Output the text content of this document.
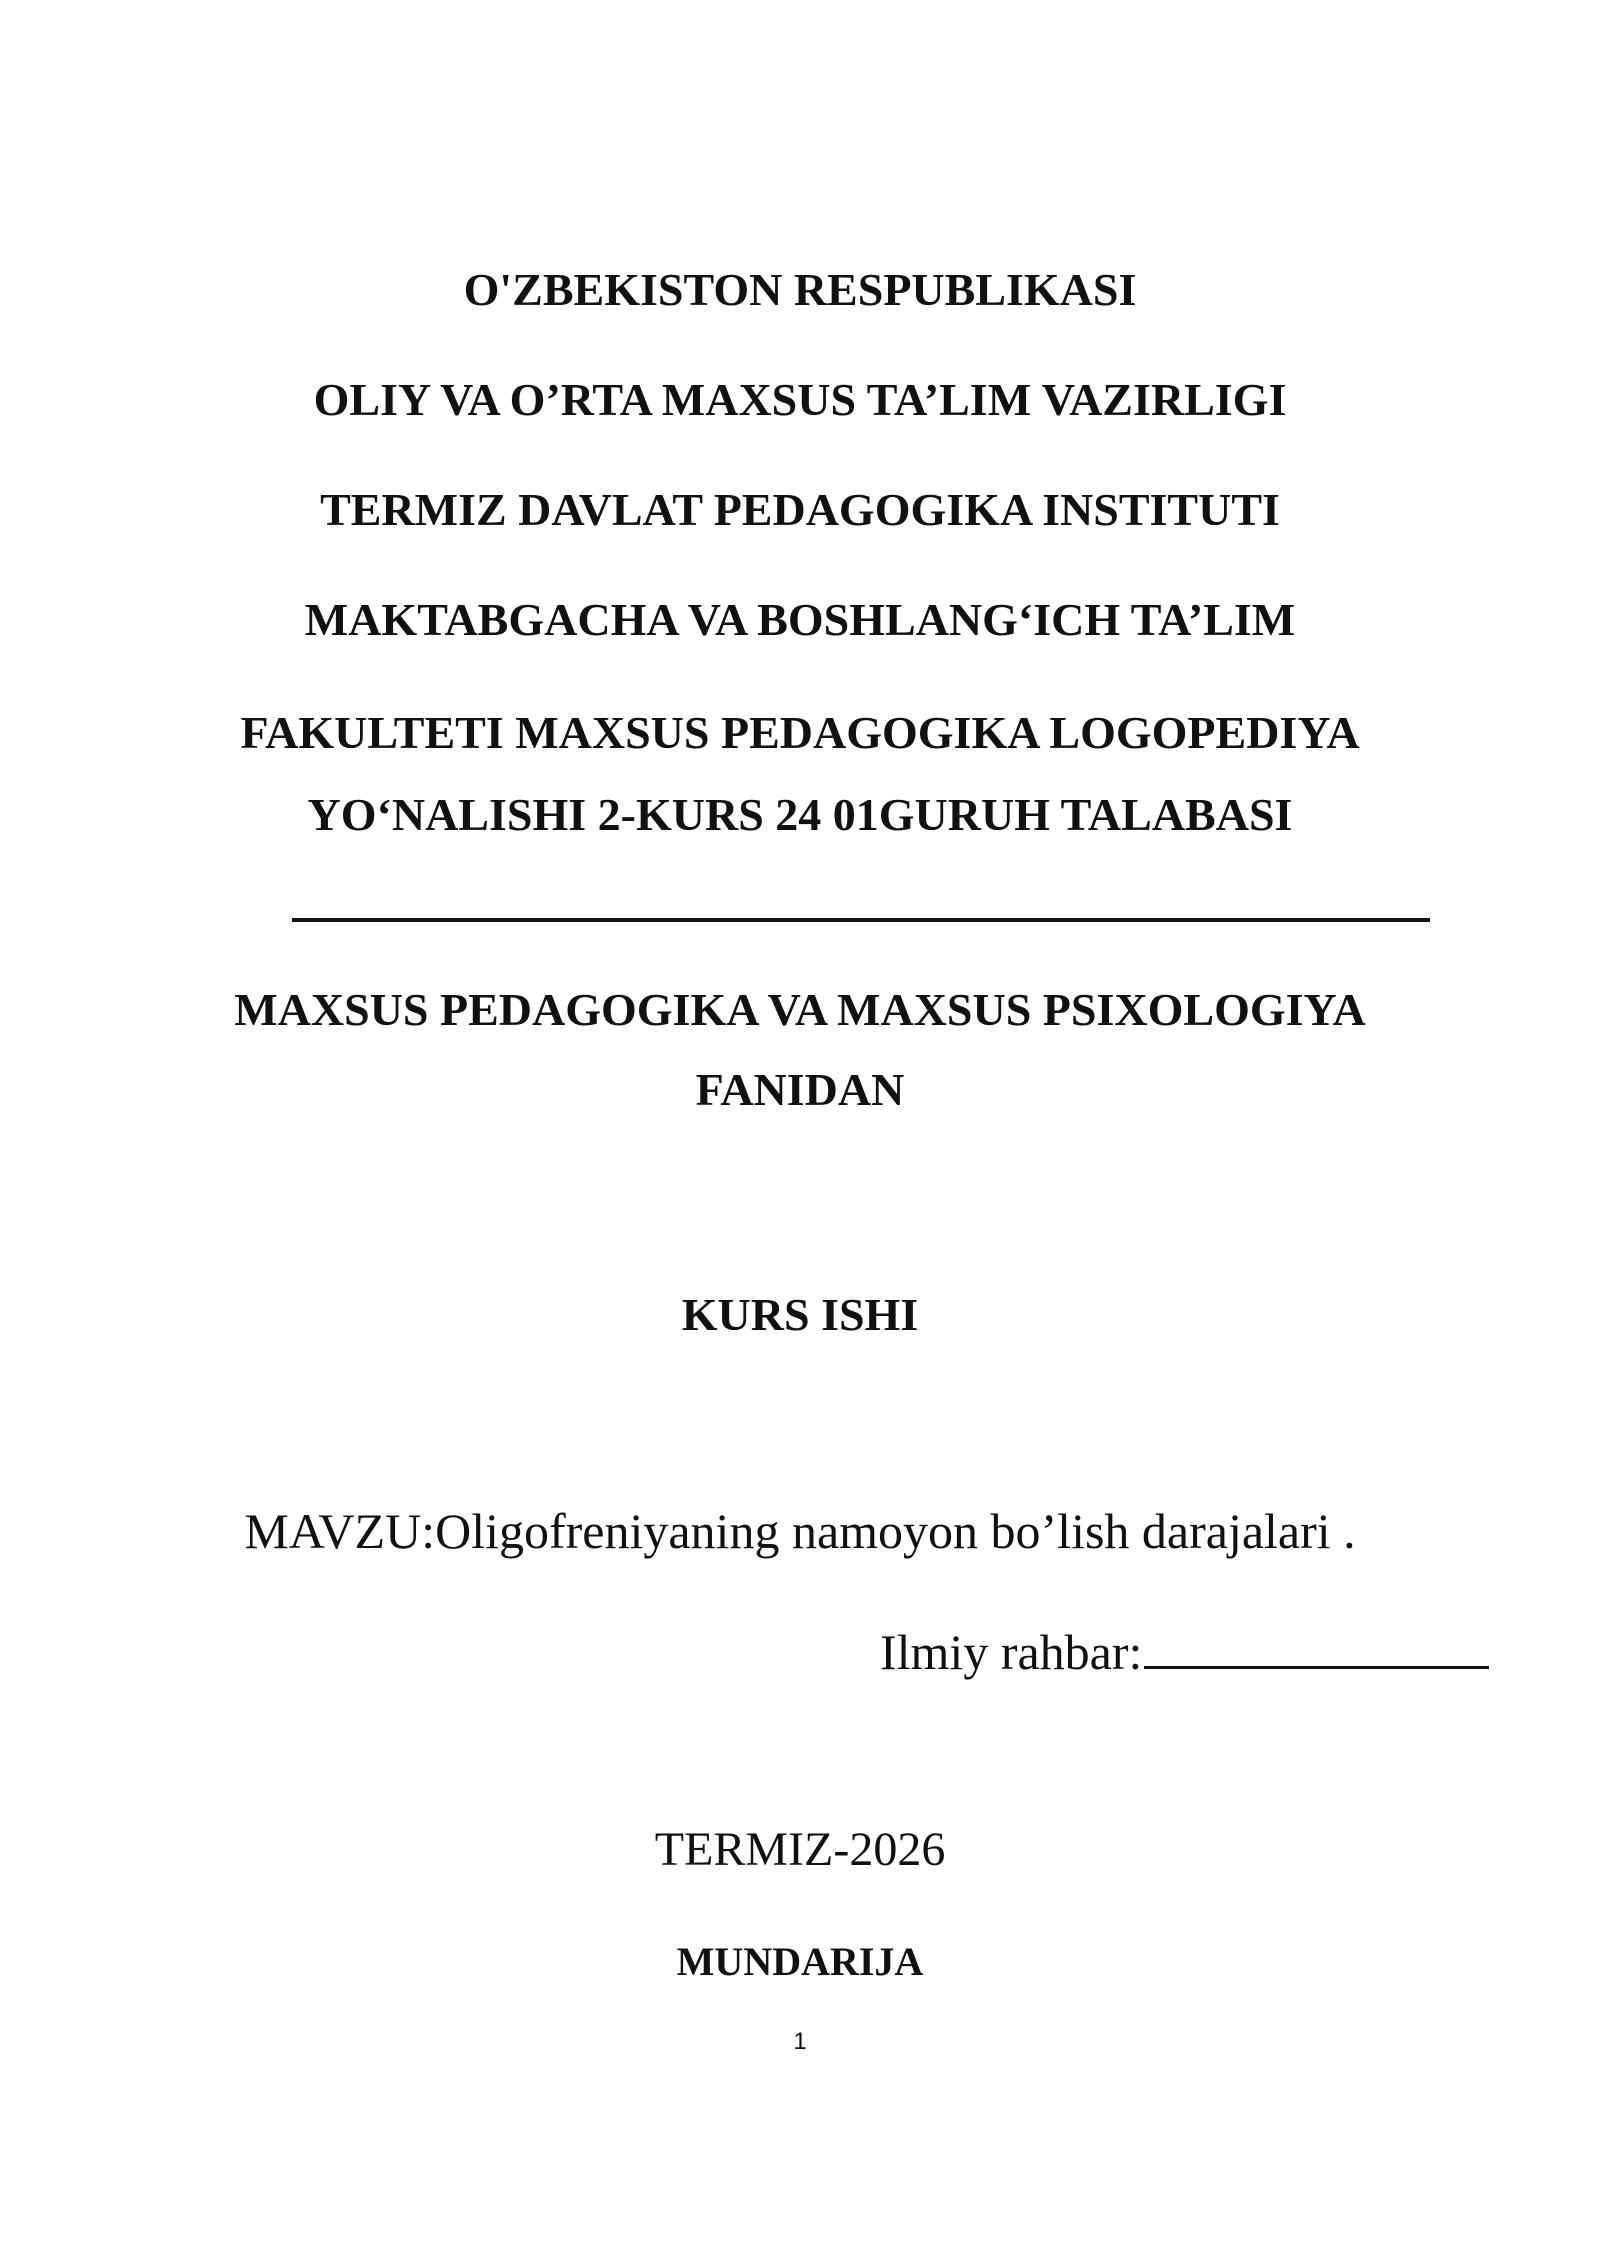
O'ZBEKISTON RESPUBLIKASI
OLIY VA O’RTA MAXSUS TA’LIM VAZIRLIGI
TERMIZ DAVLAT PEDAGOGIKA INSTITUTI
MAKTABGACHA VA BOSHLANG‘ICH TA’LIM
FAKULTETI MAXSUS PEDAGOGIKA LOGOPEDIYA
YO‘NALISHI 2-KURS 24 01GURUH TALABASI
MAXSUS PEDAGOGIKA VA MAXSUS PSIXOLOGIYA
FANIDAN
KURS ISHI
MAVZU:Oligofreniyaning namoyon bo’lish darajalari .
Ilmiy rahbar:
TERMIZ-2026
MUNDARIJA
1
